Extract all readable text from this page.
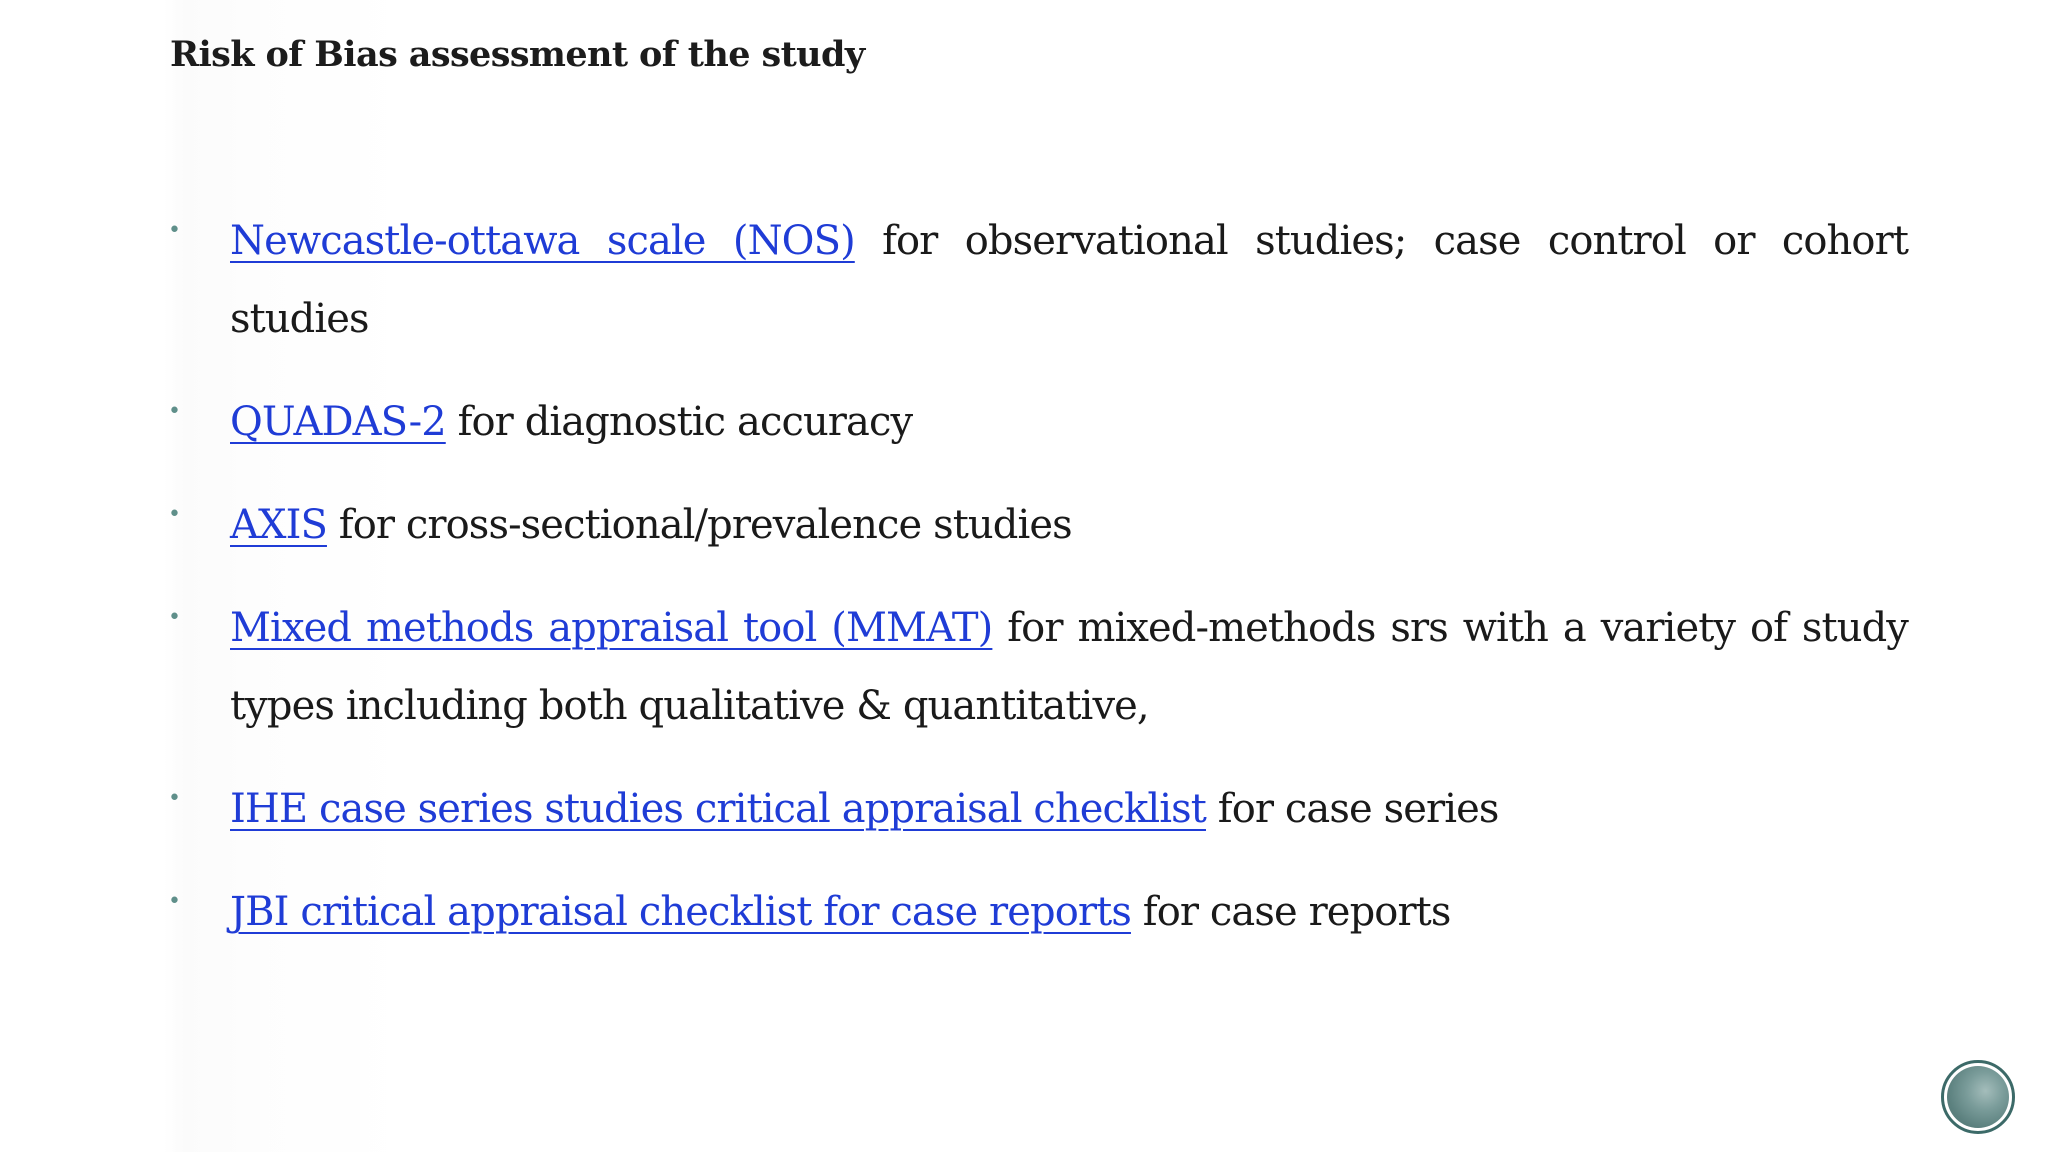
Risk of Bias assessment of the study
• Newcastle-ottawa scale (NOS) for observational studies; case control or cohort studies
• QUADAS-2 for diagnostic accuracy
• AXIS for cross-sectional/prevalence studies
• Mixed methods appraisal tool (MMAT) for mixed-methods srs with a variety of study types including both qualitative & quantitative,
• IHE case series studies critical appraisal checklist for case series
• JBI critical appraisal checklist for case reports for case reports
